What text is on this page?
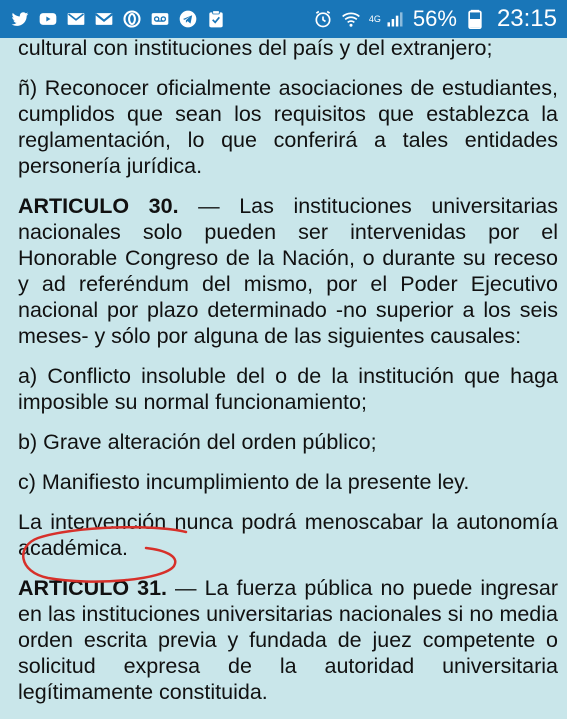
4G 56% 23:15

cultural con instituciones del país y del extranjero;

ñ) Reconocer oficialmente asociaciones de estudiantes, cumplidos que sean los requisitos que establezca la reglamentación, lo que conferirá a tales entidades personería jurídica.

ARTICULO 30. — Las instituciones universitarias nacionales solo pueden ser intervenidas por el Honorable Congreso de la Nación, o durante su receso y ad referéndum del mismo, por el Poder Ejecutivo nacional por plazo determinado -no superior a los seis meses- y sólo por alguna de las siguientes causales:

a) Conflicto insoluble del o de la institución que haga imposible su normal funcionamiento;

b) Grave alteración del orden público;

c) Manifiesto incumplimiento de la presente ley.

La intervención nunca podrá menoscabar la autonomía académica.

ARTICULO 31. — La fuerza pública no puede ingresar en las instituciones universitarias nacionales si no media orden escrita previa y fundada de juez competente o solicitud expresa de la autoridad universitaria legítimamente constituida.
